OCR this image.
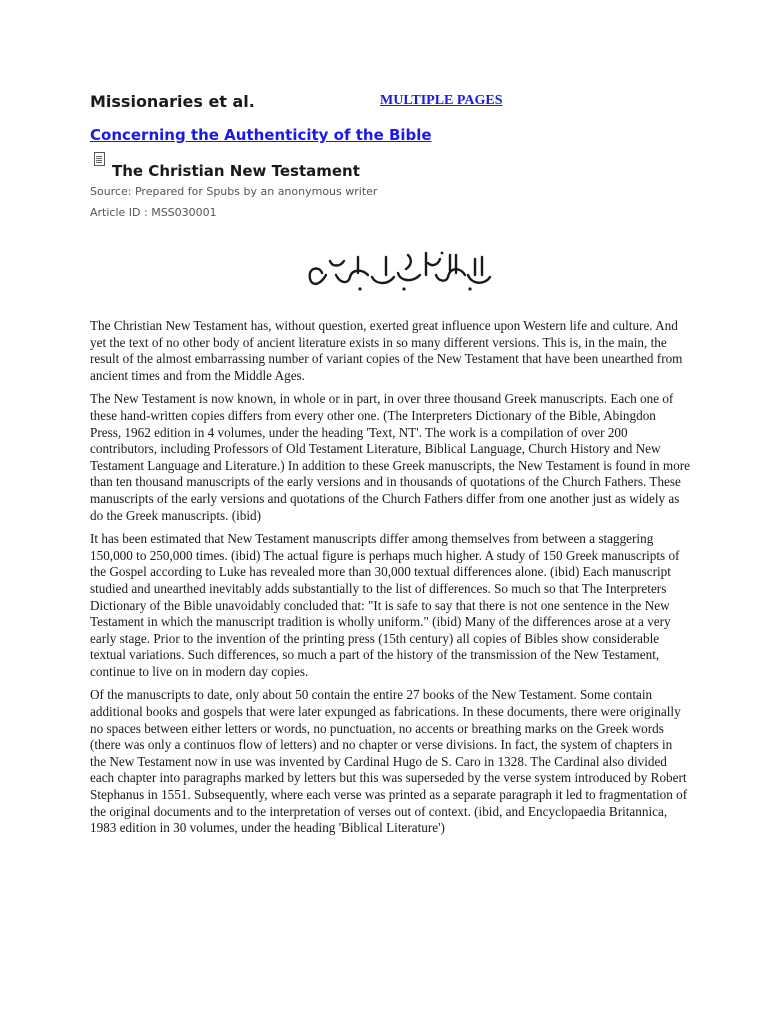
Missionaries et al.	MULTIPLE PAGES
Concerning the Authenticity of the Bible
The Christian New Testament
Source: Prepared for Spubs by an anonymous writer
Article ID : MSS030001

The Christian New Testament has, without question, exerted great influence upon Western life and culture. And yet the text of no other body of ancient literature exists in so many different versions. This is, in the main, the result of the almost embarrassing number of variant copies of the New Testament that have been unearthed from ancient times and from the Middle Ages.

The New Testament is now known, in whole or in part, in over three thousand Greek manuscripts. Each one of these hand-written copies differs from every other one. (The Interpreters Dictionary of the Bible, Abingdon Press, 1962 edition in 4 volumes, under the heading 'Text, NT'. The work is a compilation of over 200 contributors, including Professors of Old Testament Literature, Biblical Language, Church History and New Testament Language and Literature.) In addition to these Greek manuscripts, the New Testament is found in more than ten thousand manuscripts of the early versions and in thousands of quotations of the Church Fathers. These manuscripts of the early versions and quotations of the Church Fathers differ from one another just as widely as do the Greek manuscripts. (ibid)

It has been estimated that New Testament manuscripts differ among themselves from between a staggering 150,000 to 250,000 times. (ibid) The actual figure is perhaps much higher. A study of 150 Greek manuscripts of the Gospel according to Luke has revealed more than 30,000 textual differences alone. (ibid) Each manuscript studied and unearthed inevitably adds substantially to the list of differences. So much so that The Interpreters Dictionary of the Bible unavoidably concluded that: "It is safe to say that there is not one sentence in the New Testament in which the manuscript tradition is wholly uniform." (ibid) Many of the differences arose at a very early stage. Prior to the invention of the printing press (15th century) all copies of Bibles show considerable textual variations. Such differences, so much a part of the history of the transmission of the New Testament, continue to live on in modern day copies.

Of the manuscripts to date, only about 50 contain the entire 27 books of the New Testament. Some contain additional books and gospels that were later expunged as fabrications. In these documents, there were originally no spaces between either letters or words, no punctuation, no accents or breathing marks on the Greek words (there was only a continuos flow of letters) and no chapter or verse divisions. In fact, the system of chapters in the New Testament now in use was invented by Cardinal Hugo de S. Caro in 1328. The Cardinal also divided each chapter into paragraphs marked by letters but this was superseded by the verse system introduced by Robert Stephanus in 1551. Subsequently, where each verse was printed as a separate paragraph it led to fragmentation of the original documents and to the interpretation of verses out of context. (ibid, and Encyclopaedia Britannica, 1983 edition in 30 volumes, under the heading 'Biblical Literature')
